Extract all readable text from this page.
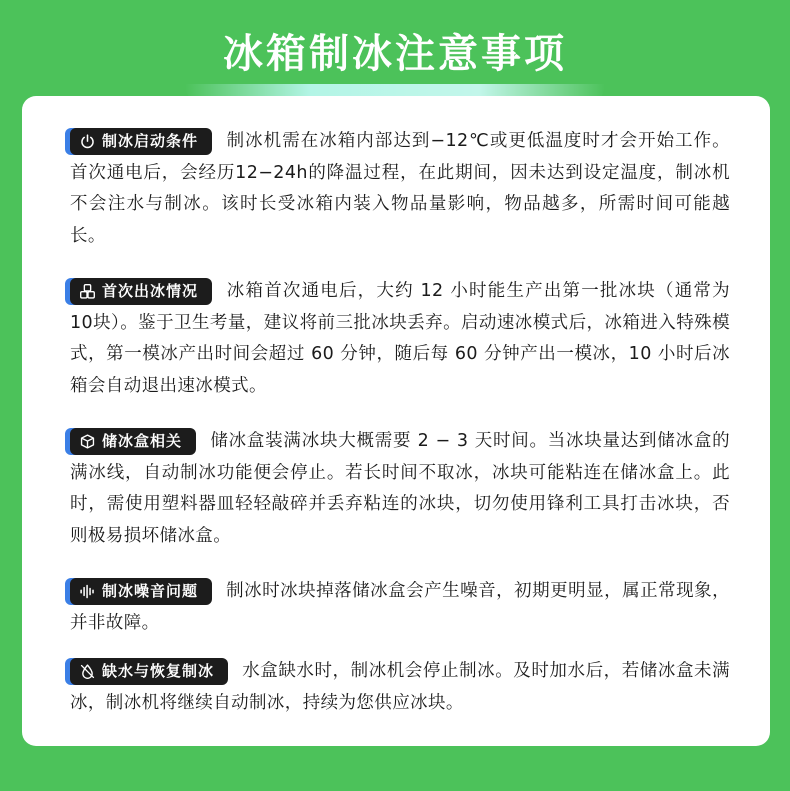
冰箱制冰注意事项

制冰启动条件 制冰机需在冰箱内部达到−12℃或更低温度时才会开始工作。首次通电后，会经历12−24h的降温过程，在此期间，因未达到设定温度，制冰机不会注水与制冰。该时长受冰箱内装入物品量影响，物品越多，所需时间可能越长。

首次出冰情况 冰箱首次通电后，大约 12 小时能生产出第一批冰块（通常为10块）。鉴于卫生考量，建议将前三批冰块丢弃。启动速冰模式后，冰箱进入特殊模式，第一模冰产出时间会超过 60 分钟，随后每 60 分钟产出一模冰，10 小时后冰箱会自动退出速冰模式。

储冰盒相关 储冰盒装满冰块大概需要 2 − 3 天时间。当冰块量达到储冰盒的满冰线，自动制冰功能便会停止。若长时间不取冰，冰块可能粘连在储冰盒上。此时，需使用塑料器皿轻轻敲碎并丢弃粘连的冰块，切勿使用锋利工具打击冰块，否则极易损坏储冰盒。

制冰噪音问题 制冰时冰块掉落储冰盒会产生噪音，初期更明显，属正常现象，并非故障。

缺水与恢复制冰 水盒缺水时，制冰机会停止制冰。及时加水后，若储冰盒未满冰，制冰机将继续自动制冰，持续为您供应冰块。
